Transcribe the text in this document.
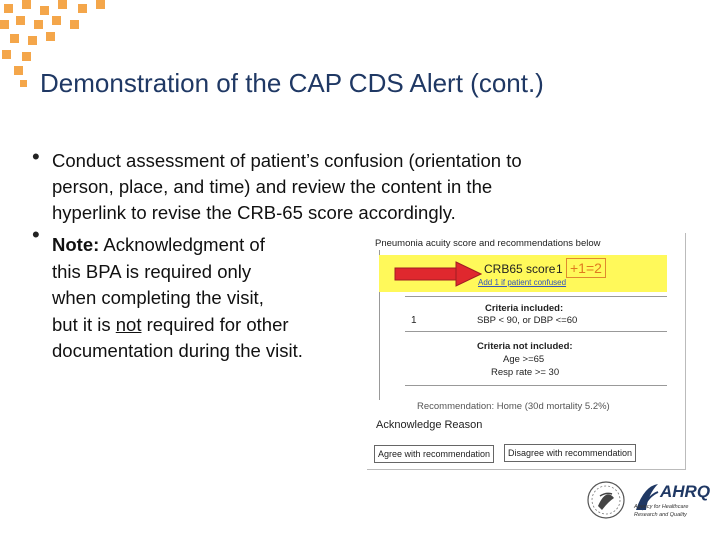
Demonstration of the CAP CDS Alert (cont.)
• Conduct assessment of patient’s confusion (orientation to
person, place, and time) and review the content in the
hyperlink to revise the CRB-65 score accordingly.
• Note: Acknowledgment of
this BPA is required only
when completing the visit,
but it is not required for other
documentation during the visit.
Pneumonia acuity score and recommendations below
CRB65 score 1 +1=2
Add 1 if patient confused
1
Criteria included:
SBP < 90, or DBP <=60
Criteria not included:
Age >=65
Resp rate >= 30
Recommendation: Home (30d mortality 5.2%)
Acknowledge Reason
Agree with recommendation	Disagree with recommendation
AHRQ
Agency for Healthcare
Research and Quality
